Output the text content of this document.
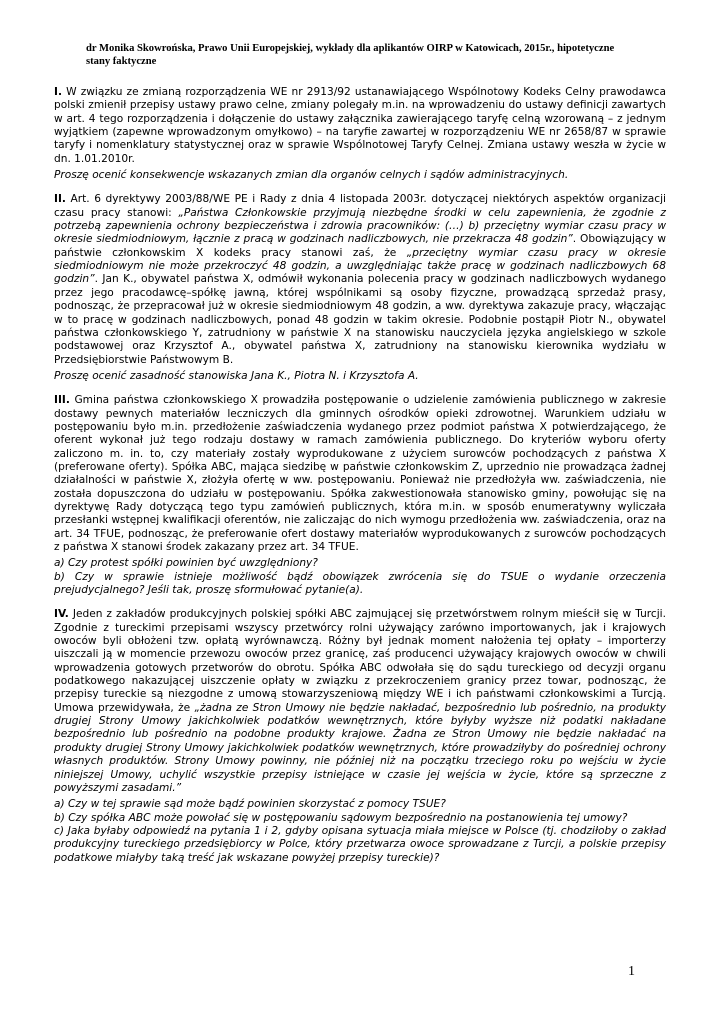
dr Monika Skowrońska, Prawo Unii Europejskiej, wykłady dla aplikantów OIRP w Katowicach, 2015r., hipotetyczne
stany faktyczne

I. W związku ze zmianą rozporządzenia WE nr 2913/92 ustanawiającego Wspólnotowy Kodeks Celny prawodawca polski zmienił przepisy ustawy prawo celne, zmiany polegały m.in. na wprowadzeniu do ustawy definicji zawartych w art. 4 tego rozporządzenia i dołączenie do ustawy załącznika zawierającego taryfę celną wzorowaną – z jednym wyjątkiem (zapewne wprowadzonym omyłkowo) – na taryfie zawartej w rozporządzeniu WE nr 2658/87 w sprawie taryfy i nomenklatury statystycznej oraz w sprawie Wspólnotowej Taryfy Celnej. Zmiana ustawy weszła w życie w dn. 1.01.2010r.

Proszę ocenić konsekwencje wskazanych zmian dla organów celnych i sądów administracyjnych.

II. Art. 6 dyrektywy 2003/88/WE PE i Rady z dnia 4 listopada 2003r. dotyczącej niektórych aspektów organizacji czasu pracy stanowi: „Państwa Członkowskie przyjmują niezbędne środki w celu zapewnienia, że zgodnie z potrzebą zapewnienia ochrony bezpieczeństwa i zdrowia pracowników: (…) b) przeciętny wymiar czasu pracy w okresie siedmiodniowym, łącznie z pracą w godzinach nadliczbowych, nie przekracza 48 godzin”. Obowiązujący w państwie członkowskim X kodeks pracy stanowi zaś, że „przeciętny wymiar czasu pracy w okresie siedmiodniowym nie może przekroczyć 48 godzin, a uwzględniając także pracę w godzinach nadliczbowych 68 godzin”. Jan K., obywatel państwa X, odmówił wykonania polecenia pracy w godzinach nadliczbowych wydanego przez jego pracodawcę–spółkę jawną, której wspólnikami są osoby fizyczne, prowadzącą sprzedaż prasy, podnosząc, że przepracował już w okresie siedmiodniowym 48 godzin, a ww. dyrektywa zakazuje pracy, włączając w to pracę w godzinach nadliczbowych, ponad 48 godzin w takim okresie. Podobnie postąpił Piotr N., obywatel państwa członkowskiego Y, zatrudniony w państwie X na stanowisku nauczyciela języka angielskiego w szkole podstawowej oraz Krzysztof A., obywatel państwa X, zatrudniony na stanowisku kierownika wydziału w Przedsiębiorstwie Państwowym B.

Proszę ocenić zasadność stanowiska Jana K., Piotra N. i Krzysztofa A.

III. Gmina państwa członkowskiego X prowadziła postępowanie o udzielenie zamówienia publicznego w zakresie dostawy pewnych materiałów leczniczych dla gminnych ośrodków opieki zdrowotnej. Warunkiem udziału w postępowaniu było m.in. przedłożenie zaświadczenia wydanego przez podmiot państwa X potwierdzającego, że oferent wykonał już tego rodzaju dostawy w ramach zamówienia publicznego. Do kryteriów wyboru oferty zaliczono m. in. to, czy materiały zostały wyprodukowane z użyciem surowców pochodzących z państwa X (preferowane oferty). Spółka ABC, mająca siedzibę w państwie członkowskim Z, uprzednio nie prowadząca żadnej działalności w państwie X, złożyła ofertę w ww. postępowaniu. Ponieważ nie przedłożyła ww. zaświadczenia, nie została dopuszczona do udziału w postępowaniu. Spółka zakwestionowała stanowisko gminy, powołując się na dyrektywę Rady dotyczącą tego typu zamówień publicznych, która m.in. w sposób enumeratywny wyliczała przesłanki wstępnej kwalifikacji oferentów, nie zaliczając do nich wymogu przedłożenia ww. zaświadczenia, oraz na art. 34 TFUE, podnosząc, że preferowanie ofert dostawy materiałów wyprodukowanych z surowców pochodzących z państwa X stanowi środek zakazany przez art. 34 TFUE.

a) Czy protest spółki powinien być uwzględniony?

b) Czy w sprawie istnieje możliwość bądź obowiązek zwrócenia się do TSUE o wydanie orzeczenia prejudycjalnego? Jeśli tak, proszę sformułować pytanie(a).

IV. Jeden z zakładów produkcyjnych polskiej spółki ABC zajmującej się przetwórstwem rolnym mieścił się w Turcji. Zgodnie z tureckimi przepisami wszyscy przetwórcy rolni używający zarówno importowanych, jak i krajowych owoców byli obłożeni tzw. opłatą wyrównawczą. Różny był jednak moment nałożenia tej opłaty – importerzy uiszczali ją w momencie przewozu owoców przez granicę, zaś producenci używający krajowych owoców w chwili wprowadzenia gotowych przetworów do obrotu. Spółka ABC odwołała się do sądu tureckiego od decyzji organu podatkowego nakazującej uiszczenie opłaty w związku z przekroczeniem granicy przez towar, podnosząc, że przepisy tureckie są niezgodne z umową stowarzyszeniową między WE i ich państwami członkowskimi a Turcją. Umowa przewidywała, że „żadna ze Stron Umowy nie będzie nakładać, bezpośrednio lub pośrednio, na produkty drugiej Strony Umowy jakichkolwiek podatków wewnętrznych, które byłyby wyższe niż podatki nakładane bezpośrednio lub pośrednio na podobne produkty krajowe. Żadna ze Stron Umowy nie będzie nakładać na produkty drugiej Strony Umowy jakichkolwiek podatków wewnętrznych, które prowadziłyby do pośredniej ochrony własnych produktów. Strony Umowy powinny, nie później niż na początku trzeciego roku po wejściu w życie niniejszej Umowy, uchylić wszystkie przepisy istniejące w czasie jej wejścia w życie, które są sprzeczne z powyższymi zasadami.”

a) Czy w tej sprawie sąd może bądź powinien skorzystać z pomocy TSUE?

b) Czy spółka ABC może powołać się w postępowaniu sądowym bezpośrednio na postanowienia tej umowy?

c) Jaka byłaby odpowiedź na pytania 1 i 2, gdyby opisana sytuacja miała miejsce w Polsce (tj. chodziłoby o zakład produkcyjny tureckiego przedsiębiorcy w Polce, który przetwarza owoce sprowadzane z Turcji, a polskie przepisy podatkowe miałyby taką treść jak wskazane powyżej przepisy tureckie)?

1
